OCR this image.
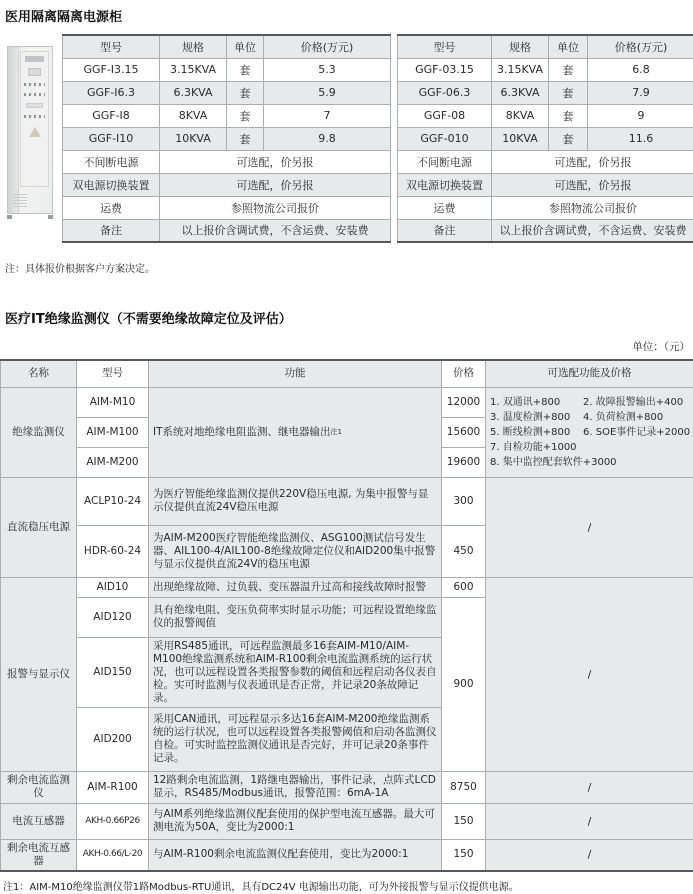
医用隔离隔离电源柜
型号	规格	单位	价格(万元)
GGF-I3.15	3.15KVA	套	5.3
GGF-I6.3	6.3KVA	套	5.9
GGF-I8	8KVA	套	7
GGF-I10	10KVA	套	9.8
不间断电源	可选配，价另报		
双电源切换装置	可选配，价另报		
运费	参照物流公司报价		
备注	以上报价含调试费，不含运费、安装费		
型号	规格	单位	价格(万元)
GGF-03.15	3.15KVA	套	6.8
GGF-06.3	6.3KVA	套	7.9
GGF-08	8KVA	套	9
GGF-010	10KVA	套	11.6
不间断电源	可选配，价另报		
双电源切换装置	可选配，价另报		
运费	参照物流公司报价		
备注	以上报价含调试费，不含运费、安装费		
注：具体报价根据客户方案决定。
医疗IT绝缘监测仪（不需要绝缘故障定位及评估）
单位：（元）
名称	型号	功能	价格	可选配功能及价格
绝缘监测仪	AIM-M10	IT系统对地绝缘电阻监测、继电器输出$^{注1}$	12000	1. 双通讯+800 2. 故障报警输出+400
3. 温度检测+800 4. 负荷检测+800
5. 断线检测+800 6. SOE事件记录+2000
7. 自检功能+1000
8. 集中监控配套软件+3000

	AIM-M100		15600	
	AIM-M200		19600	
直流稳压电源	ACLP10-24	为医疗智能绝缘监测仪提供220V稳压电源, 为集中报警与显示仪提供直流24V稳压电源	300	/
	HDR-60-24	为AIM-M200医疗智能绝缘监测仪、ASG100测试信号发生器、AIL100-4/AIL100-8绝缘故障定位仪和AID200集中报警与显示仪提供直流24V的稳压电源	450	
报警与显示仪	AID10	出现绝缘故障、过负载、变压器温升过高和接线故障时报警	600	/
	AID120	具有绝缘电阻、变压负荷率实时显示功能；可远程设置绝缘监仪的报警阀值	900	
	AID150	采用RS485通讯，可远程监测最多16套AIM-M10/AIM-M100绝缘监测系统和AIM-R100剩余电流监测系统的运行状况，也可以远程设置各类报警参数的阈值和远程启动各仪表自检。实可时监测与仪表通讯是否正常，并记录20条故障记录。		
	AID200	采用CAN通讯，可远程显示多达16套AIM-M200绝缘监测系统的运行状况，也可以远程设置各类报警阈值和启动各监测仪自检。可实时监控监测仪通讯是否完好，并可记录20条事件记录。		
剩余电流监测仪	AIM-R100	12路剩余电流监测，1路继电器输出，事件记录，点阵式LCD显示，RS485/Modbus通讯，报警范围：6mA-1A	8750	/
电流互感器	AKH-0.66P26	与AIM系列绝缘监测仪配套使用的保护型电流互感器。最大可测电流为50A，变比为2000:1	150	/
剩余电流互感器	AKH-0.66/L-20	与AIM-R100剩余电流监测仪配套使用，变比为2000:1	150	/
注1：AIM-M10绝缘监测仪带1路Modbus-RTU通讯，具有DC24V 电源输出功能，可为外接报警与显示仪提供电源。
